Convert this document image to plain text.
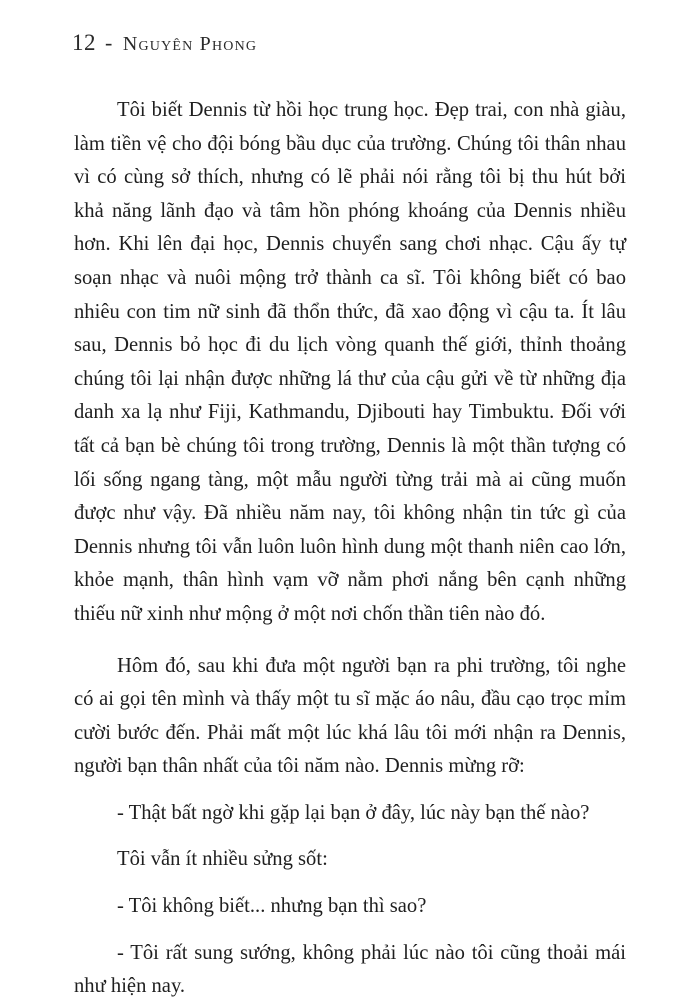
12 - Nguyên Phong

Tôi biết Dennis từ hồi học trung học. Đẹp trai, con nhà giàu, làm tiền vệ cho đội bóng bầu dục của trường. Chúng tôi thân nhau vì có cùng sở thích, nhưng có lẽ phải nói rằng tôi bị thu hút bởi khả năng lãnh đạo và tâm hồn phóng khoáng của Dennis nhiều hơn. Khi lên đại học, Dennis chuyển sang chơi nhạc. Cậu ấy tự soạn nhạc và nuôi mộng trở thành ca sĩ. Tôi không biết có bao nhiêu con tim nữ sinh đã thổn thức, đã xao động vì cậu ta. Ít lâu sau, Dennis bỏ học đi du lịch vòng quanh thế giới, thỉnh thoảng chúng tôi lại nhận được những lá thư của cậu gửi về từ những địa danh xa lạ như Fiji, Kathmandu, Djibouti hay Timbuktu. Đối với tất cả bạn bè chúng tôi trong trường, Dennis là một thần tượng có lối sống ngang tàng, một mẫu người từng trải mà ai cũng muốn được như vậy. Đã nhiều năm nay, tôi không nhận tin tức gì của Dennis nhưng tôi vẫn luôn luôn hình dung một thanh niên cao lớn, khỏe mạnh, thân hình vạm vỡ nằm phơi nắng bên cạnh những thiếu nữ xinh như mộng ở một nơi chốn thần tiên nào đó.

Hôm đó, sau khi đưa một người bạn ra phi trường, tôi nghe có ai gọi tên mình và thấy một tu sĩ mặc áo nâu, đầu cạo trọc mỉm cười bước đến. Phải mất một lúc khá lâu tôi mới nhận ra Dennis, người bạn thân nhất của tôi năm nào. Dennis mừng rỡ:

- Thật bất ngờ khi gặp lại bạn ở đây, lúc này bạn thế nào?

Tôi vẫn ít nhiều sửng sốt:

- Tôi không biết... nhưng bạn thì sao?

- Tôi rất sung sướng, không phải lúc nào tôi cũng thoải mái như hiện nay.
